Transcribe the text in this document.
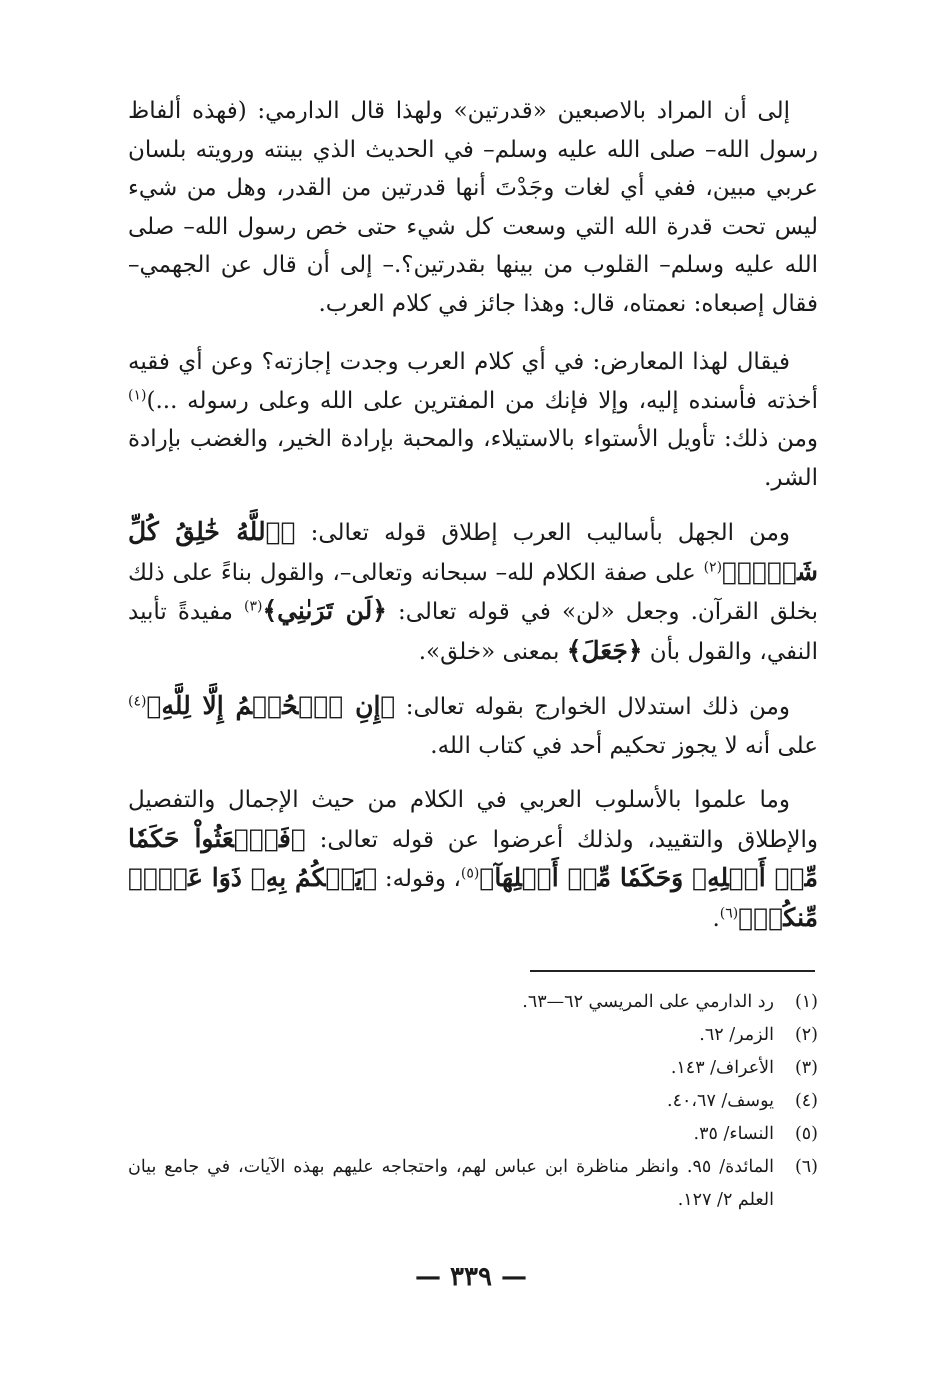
إلى أن المراد بالاصبعين «قدرتين» ولهذا قال الدارمي: (فهذه ألفاظ رسول الله– صلى الله عليه وسلم– في الحديث الذي بينته ورويته بلسان عربي مبين، ففي أي لغات وجَدْتَ أنها قدرتين من القدر، وهل من شيء ليس تحت قدرة الله التي وسعت كل شيء حتى خص رسول الله– صلى الله عليه وسلم– القلوب من بينها بقدرتين؟.– إلى أن قال عن الجهمي– فقال إصبعاه: نعمتاه، قال: وهذا جائز في كلام العرب.

فيقال لهذا المعارض: في أي كلام العرب وجدت إجازته؟ وعن أي فقيه أخذته فأسنده إليه، وإلا فإنك من المفترين على الله وعلى رسوله ...)$^{(١)}$ ومن ذلك: تأويل الأستواء بالاستيلاء، والمحبة بإرادة الخير، والغضب بإرادة الشر.

ومن الجهل بأساليب العرب إطلاق قوله تعالى: ﴿ٱللَّهُ خَٰلِقُ كُلِّ شَيۡءٖ﴾$^{(٢)}$ على صفة الكلام لله– سبحانه وتعالى–، والقول بناءً على ذلك بخلق القرآن. وجعل «لن» في قوله تعالى: ﴿لَن تَرَىٰنِي﴾$^{(٣)}$ مفيدةً تأبيد النفي، والقول بأن ﴿جَعَلَ﴾ بمعنى «خلق».

ومن ذلك استدلال الخوارج بقوله تعالى: ﴿إِنِ ٱلۡحُكۡمُ إِلَّا لِلَّهِ﴾$^{(٤)}$ على أنه لا يجوز تحكيم أحد في كتاب الله.

وما علموا بالأسلوب العربي في الكلام من حيث الإجمال والتفصيل والإطلاق والتقييد، ولذلك أعرضوا عن قوله تعالى: ﴿فَٱبۡعَثُواْ حَكَمٗا مِّنۡ أَهۡلِهِۦ وَحَكَمٗا مِّنۡ أَهۡلِهَآ﴾$^{(٥)}$، وقوله: ﴿يَحۡكُمُ بِهِۦ ذَوَا عَدۡلٖ مِّنكُمۡ﴾$^{(٦)}$.

(١)
رد الدارمي على المريسي ٦٢—٦٣.
(٢)
الزمر/ ٦٢.
(٣)
الأعراف/ ١٤٣.
(٤)
يوسف/ ٤٠،٦٧.
(٥)
النساء/ ٣٥.
(٦)
المائدة/ ٩٥. وانظر مناظرة ابن عباس لهم، واحتجاجه عليهم بهذه الآيات، في جامع بيان العلم ٢/ ١٢٧.
— ٣٣٩ —
